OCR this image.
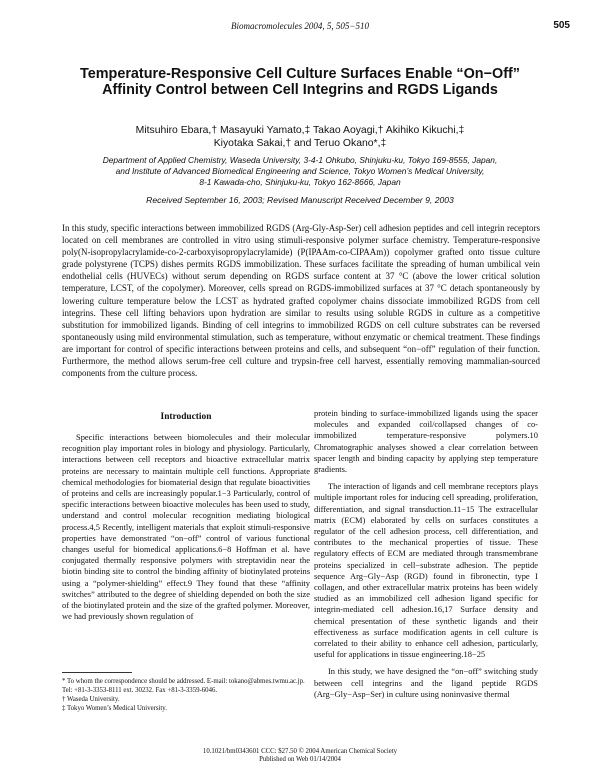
Biomacromolecules 2004, 5, 505−510	505
Temperature-Responsive Cell Culture Surfaces Enable “On−Off” Affinity Control between Cell Integrins and RGDS Ligands
Mitsuhiro Ebara,† Masayuki Yamato,‡ Takao Aoyagi,† Akihiko Kikuchi,‡
Kiyotaka Sakai,† and Teruo Okano*,‡
Department of Applied Chemistry, Waseda University, 3-4-1 Ohkubo, Shinjuku-ku, Tokyo 169-8555, Japan,
and Institute of Advanced Biomedical Engineering and Science, Tokyo Women’s Medical University,
8-1 Kawada-cho, Shinjuku-ku, Tokyo 162-8666, Japan
Received September 16, 2003; Revised Manuscript Received December 9, 2003
In this study, specific interactions between immobilized RGDS (Arg-Gly-Asp-Ser) cell adhesion peptides and cell integrin receptors located on cell membranes are controlled in vitro using stimuli-responsive polymer surface chemistry. Temperature-responsive poly(N-isopropylacrylamide-co-2-carboxyisopropylacrylamide) (P(IPAAm-co-CIPAAm)) copolymer grafted onto tissue culture grade polystyrene (TCPS) dishes permits RGDS immobilization. These surfaces facilitate the spreading of human umbilical vein endothelial cells (HUVECs) without serum depending on RGDS surface content at 37 °C (above the lower critical solution temperature, LCST, of the copolymer). Moreover, cells spread on RGDS-immobilized surfaces at 37 °C detach spontaneously by lowering culture temperature below the LCST as hydrated grafted copolymer chains dissociate immobilized RGDS from cell integrins. These cell lifting behaviors upon hydration are similar to results using soluble RGDS in culture as a competitive substitution for immobilized ligands. Binding of cell integrins to immobilized RGDS on cell culture substrates can be reversed spontaneously using mild environmental stimulation, such as temperature, without enzymatic or chemical treatment. These findings are important for control of specific interactions between proteins and cells, and subsequent “on−off” regulation of their function. Furthermore, the method allows serum-free cell culture and trypsin-free cell harvest, essentially removing mammalian-sourced components from the culture process.
Introduction

Specific interactions between biomolecules and their molecular recognition play important roles in biology and physiology. Particularly, interactions between cell receptors and bioactive extracellular matrix proteins are necessary to maintain multiple cell functions. Appropriate chemical methodologies for biomaterial design that regulate bioactivities of proteins and cells are increasingly popular.1−3 Particularly, control of specific interactions between bioactive molecules has been used to study, understand and control molecular recognition mediating biological process.4,5 Recently, intelligent materials that exploit stimuli-responsive properties have demonstrated “on−off” control of various functional changes useful for biomedical applications.6−8 Hoffman et al. have conjugated thermally responsive polymers with streptavidin near the biotin binding site to control the binding affinity of biotinylated proteins using a “polymer-shielding” effect.9 They found that these “affinity switches” attributed to the degree of shielding depended on both the size of the biotinylated protein and the size of the grafted polymer. Moreover, we had previously shown regulation of

protein binding to surface-immobilized ligands using the spacer molecules and expanded coil/collapsed changes of co-immobilized temperature-responsive polymers.10 Chromatographic analyses showed a clear correlation between spacer length and binding capacity by applying step temperature gradients.

The interaction of ligands and cell membrane receptors plays multiple important roles for inducing cell spreading, proliferation, differentiation, and signal transduction.11−15 The extracellular matrix (ECM) elaborated by cells on surfaces constitutes a regulator of the cell adhesion process, cell differentiation, and contributes to the mechanical properties of tissue. These regulatory effects of ECM are mediated through transmembrane proteins specialized in cell−substrate adhesion. The peptide sequence Arg−Gly−Asp (RGD) found in fibronectin, type I collagen, and other extracellular matrix proteins has been widely studied as an immobilized cell adhesion ligand specific for integrin-mediated cell adhesion.16,17 Surface density and chemical presentation of these synthetic ligands and their effectiveness as surface modification agents in cell culture is correlated to their ability to enhance cell adhesion, particularly, useful for applications in tissue engineering.18−25

In this study, we have designed the “on−off” switching study between cell integrins and the ligand peptide RGDS (Arg−Gly−Asp−Ser) in culture using noninvasive thermal

* To whom the correspondence should be addressed. E-mail: tokano@abmes.twmu.ac.jp. Tel: +81-3-3353-8111 ext. 30232. Fax +81-3-3359-6046.
† Waseda University.
‡ Tokyo Women’s Medical University.
10.1021/bm0343601 CCC: $27.50 © 2004 American Chemical Society
Published on Web 01/14/2004
